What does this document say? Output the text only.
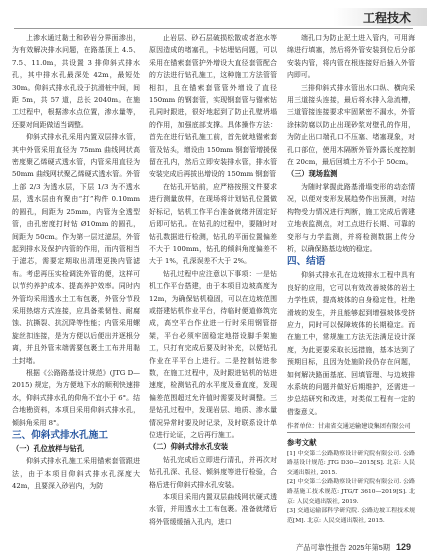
工程技术

上渗水通过黏土和砂岩分界面渗出，为有效解决排水问题，在路基顶上 4.5、7.5、11.0m，共设置 3 排仰斜式排水孔，其中排水孔最深处 42m，最短处 30m。仰斜式排水孔设于抗滑桩中间，间距 5m，共 57 道，总长 2040m。在施工过程中，根据渗水点位置，渗水量等，还要对间距做适当调整。

仰斜式排水孔采用内置双层排水管，其中外管采用直径为 75mm 曲线网状高密度聚乙烯硬式透水管，内管采用直径为 50mm 曲线网状聚乙烯硬式透水管。外管上部 2/3 为透水层，下层 1/3 为不透水层，透水层由有聚由“打”构件 0.10mm 的圆孔，间距为 25mm，内管为全透型管，由孔密度打时钻 Ø10mm 的圆孔，间距为 50cm。作为第一层过滤层，外管起到排水及保护内管的作用，而内管相当于滤芯，需要定期取出清理更换内管滤布。考虑再压实检调洗外管的便，这样可以节约养护成本、提高养护效率。同时内外管均采用透水土工布包裹，外管分节段采用热熔方式连接，应具备柔韧性、耐腐蚀、抗撕裂、抗沉降等性能；内管采用螺旋丝扣连接，是为方便以后便出并逐根分离，并且外管末端需要包裹土工布并用黏土封堵。

根据《公路路基设计规范》(JTG D—2015) 规定，为方便地下水的顺利快速排水，仰斜式排水孔的仰角不宜小于 6°。结合地勘资料，本项目采用仰斜式排水孔，倾斜角采用 8°。

三、仰斜式排水孔施工

（一）孔位放样与钻孔

仰斜式排水孔施工采用锚索套管跟进法，由于本项目仰斜式排水孔深度大 42m，且要深入砂岩内，为防

止岩层、砂石层破损松散或者泡水等原因造成的堵塞孔，卡钻埋钻问题，可以采用在锚索套管护外增设大直径套管配合的方法进行钻孔施工，这种施工方法管管相扣，且在锚索套管管外增设了直径 150mm 的钢套管，实现钢套管与锚索钻孔同时跟进，很好地起到了防止孔壁坍塌的作用，加强底部支撑。具体操作方法：首先在进行钻孔施工前，首先就地锚索套管及钻头，增设由 150mm 钢套管增援保留在孔内，然后立即安装排水管，排水管安装完成后再拔出增设的 150mm 钢套管

在钻孔开钻前，应严格按照文件要求进行测量放样，在现场将计划钻孔位置做好标记，钻机工作平台准备就绪并固定好后即可钻孔。在钻孔的过程中，要随时对钻孔数据进行检测，钻孔的平面位置偏差不大于 100mm，钻孔的倾斜角度偏差不大于 1%，孔深误差不大于 2%。

钻孔过程中应注意以下事项：一是钻机工作平台搭建，由于本项目边坡高度为 12m，为确保钻机稳固，可以在边坡范围或搭建钻机作业平台，待临时便道修筑完成，高空平台作业进一行时采用钢管搭架，平台必须牢固稳定地搭设脚手架施工，只打有完成后要及时补充，以便钻孔作业在平平台上进行。二是控制钻进参数，在施工过程中，及时跟进钻机的钻进速度，检测钻孔的水平度及垂直度，发现偏差范围超过允许值时需要及时调整。三是钻孔过程中，发现岩层、地质、渗水量情况异常时要及时记录，及时联系设计单位进行论证，之后再行施工。

（二）仰斜式排水孔安装

钻孔完成后立即进行清孔，并再次对钻孔孔深、孔径、倾斜度等进行检验，合格后进行仰斜式排水孔安装。

本项目采用内置双层曲线网状硬式透水管，并用透水土工布包裹。准备就绪后将外管缓缓插入孔内，进口

端孔口为防止泥土进入管内，可用海绵进行填塞，然后将外管安装到位后分部安装内管，将内管在根连接好后插入外管内即可。

三排仰斜式排水管出水口纵、横向采用三道接头连接，最后将水排入急流槽，三道管接连接要求牢固紧密不漏水，外管涂抹防腐以防止出现砂浆对壁孔的作用，为防止出口端孔口不压塞、堵塞现象，对孔口部位，使用木隔断外管外露长度控制在 20cm，最后回填土方不小于 50cm。

（三）现场监测

为随时掌握此路基滑塌变形的动态情况，以便对变形发展趋势作出预测，对结构物受力情况进行判断，施工完成后需建立地表监测点，对工点进行长期、可靠的变形与力学监测，并将检测数据上传分析，以确保路基边坡的稳定。

四、结语

仰斜式排水孔在边坡排水工程中具有良好的应用，它可以有效改善坡体的岩土力学性质，提高坡体的自身稳定性，杜绝滑坡的发生，并且能够起到增强坡体受挤应力，同时可以保障坡体的长期稳定。而在施工中，常规施工方法无法满足设计深度，为此更要采取长远措施，基本达到了预期目标，且因为处施阶段仍存在问题，如何解决路面基底、回填管理、与边坡排水系统的问题并做好后期维护，还需进一步总结研究和改进，对类似工程有一定的借鉴意义。

作者单位：甘肃省交通运输建设集团有限公司

参考文献

[1] 中交第二公路勘察设计研究院有限公司. 公路路基设计规范: JTG D30—2015[S]. 北京: 人民交通出版社, 2015.

[2] 中交第二公路勘察设计研究院有限公司. 公路路基施工技术规范: JTG/T 3610—2019[S]. 北京: 人民交通出版社, 2019.

[3] 交通运输部科学研究院. 公路边坡工程技术规范[M]. 北京: 人民交通出版社, 2015.

产品可靠性报告 2025年第5期 129
